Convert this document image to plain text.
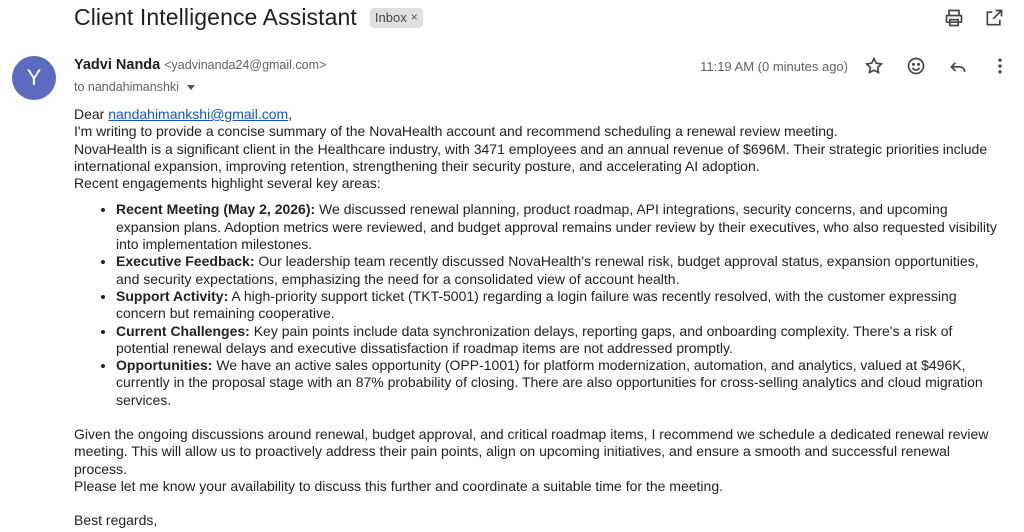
Client Intelligence Assistant Inbox ×
Y	Yadvi Nanda <yadvinanda24@gmail.com>
to nandahimanshki
11:19 AM (0 minutes ago)

Dear nandahimankshi@gmail.com,

I'm writing to provide a concise summary of the NovaHealth account and recommend scheduling a renewal review meeting.

NovaHealth is a significant client in the Healthcare industry, with 3471 employees and an annual revenue of $696M. Their strategic priorities include international expansion, improving retention, strengthening their security posture, and accelerating AI adoption.

Recent engagements highlight several key areas:

• Recent Meeting (May 2, 2026): We discussed renewal planning, product roadmap, API integrations, security concerns, and upcoming expansion plans. Adoption metrics were reviewed, and budget approval remains under review by their executives, who also requested visibility into implementation milestones.
• Executive Feedback: Our leadership team recently discussed NovaHealth's renewal risk, budget approval status, expansion opportunities, and security expectations, emphasizing the need for a consolidated view of account health.
• Support Activity: A high-priority support ticket (TKT-5001) regarding a login failure was recently resolved, with the customer expressing concern but remaining cooperative.
• Current Challenges: Key pain points include data synchronization delays, reporting gaps, and onboarding complexity. There's a risk of potential renewal delays and executive dissatisfaction if roadmap items are not addressed promptly.
• Opportunities: We have an active sales opportunity (OPP-1001) for platform modernization, automation, and analytics, valued at $496K, currently in the proposal stage with an 87% probability of closing. There are also opportunities for cross-selling analytics and cloud migration services.

Given the ongoing discussions around renewal, budget approval, and critical roadmap items, I recommend we schedule a dedicated renewal review meeting. This will allow us to proactively address their pain points, align on upcoming initiatives, and ensure a smooth and successful renewal process.

Please let me know your availability to discuss this further and coordinate a suitable time for the meeting.

Best regards,
